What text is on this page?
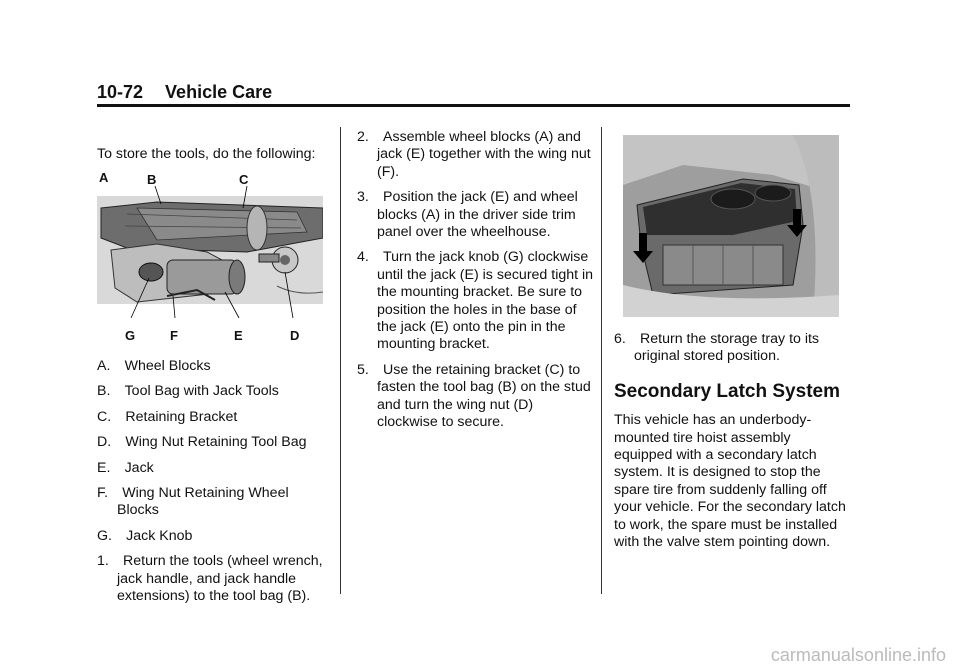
10-72 Vehicle Care

To store the tools, do the following:

A	B	C
G	F	E	D

A. Wheel Blocks

B. Tool Bag with Jack Tools

C. Retaining Bracket

D. Wing Nut Retaining Tool Bag

E. Jack

F. Wing Nut Retaining Wheel Blocks

G. Jack Knob

1. Return the tools (wheel wrench, jack handle, and jack handle extensions) to the tool bag (B).

2. Assemble wheel blocks (A) and jack (E) together with the wing nut (F).

3. Position the jack (E) and wheel blocks (A) in the driver side trim panel over the wheelhouse.

4. Turn the jack knob (G) clockwise until the jack (E) is secured tight in the mounting bracket. Be sure to position the holes in the base of the jack (E) onto the pin in the mounting bracket.

5. Use the retaining bracket (C) to fasten the tool bag (B) on the stud and turn the wing nut (D) clockwise to secure.

6. Return the storage tray to its original stored position.

Secondary Latch System

This vehicle has an underbody-mounted tire hoist assembly equipped with a secondary latch system. It is designed to stop the spare tire from suddenly falling off your vehicle. For the secondary latch to work, the spare must be installed with the valve stem pointing down.

carmanualsonline.info
